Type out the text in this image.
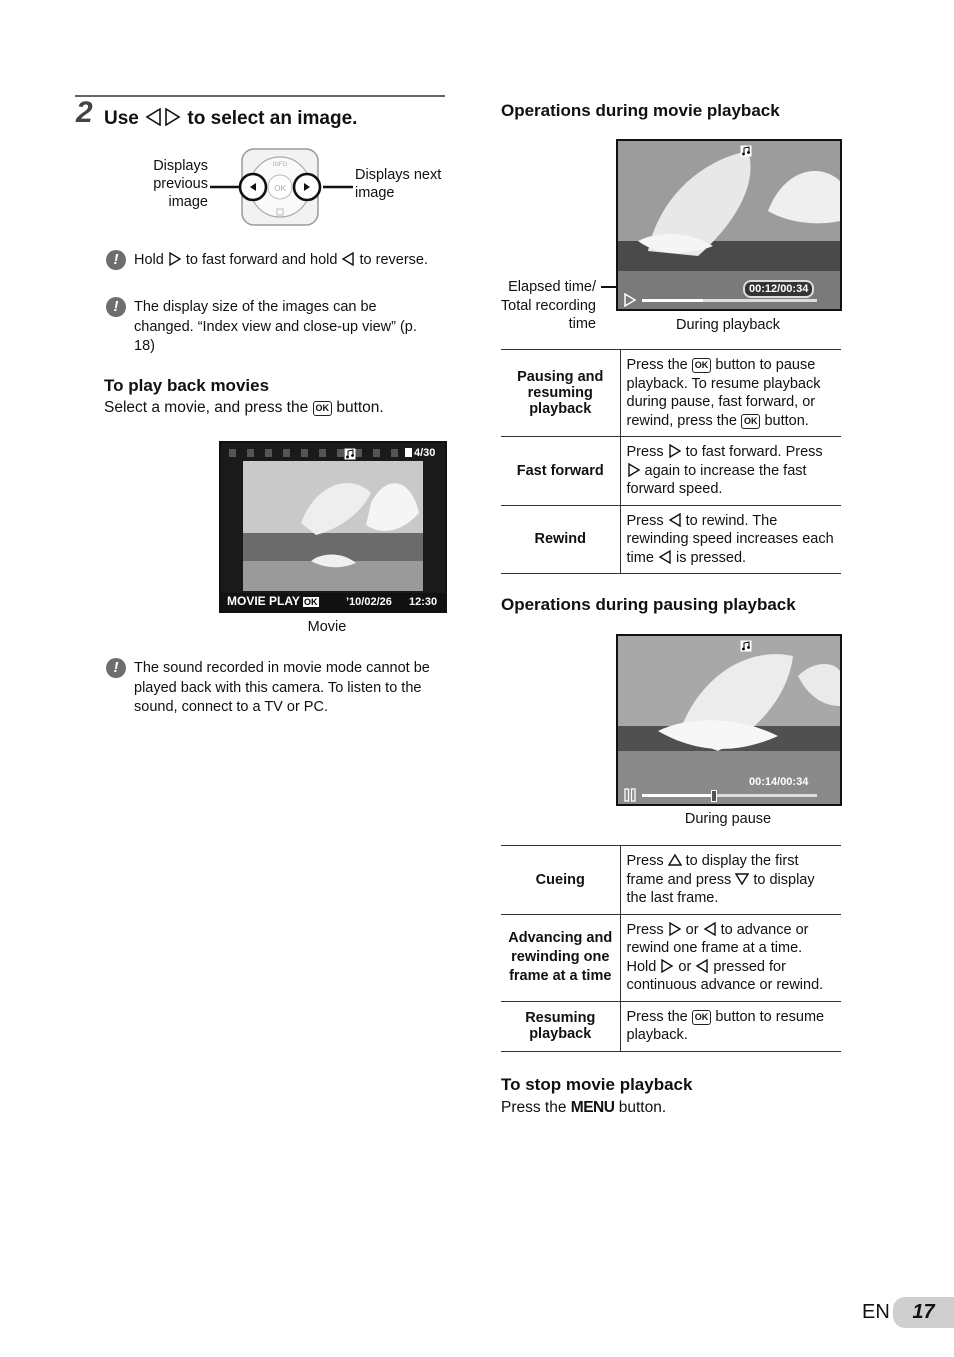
2 Use	to select an image.
Displays previous image
Displays next image
OK
INFO
!	Hold to fast forward and hold to reverse.
!	The display size of the images can be changed. “Index view and close-up view” (p. 18)
To play back movies
Select a movie, and press the OK button.
4/30
MOVIE PLAY OK	’10/02/26 12:30
Movie
!	The sound recorded in movie mode cannot be played back with this camera. To listen to the sound, connect to a TV or PC.
Operations during movie playback
Elapsed time/ Total recording time
00:12/00:34
During playback
Pausing and resuming playback	Press the OK button to pause playback. To resume playback during pause, fast forward, or rewind, press the OK button.
Fast forward	Press to fast forward. Press  again to increase the fast forward speed.
Rewind	Press to rewind. The rewinding speed increases each time is pressed.
Operations during pausing playback
00:14/00:34
During pause
Cueing	Press to display the first frame and press to display the last frame.
Advancing and rewinding one frame at a time	Press or to advance or rewind one frame at a time. Hold or pressed for continuous advance or rewind.
Resuming playback	Press the OK button to resume playback.
To stop movie playback
Press the MENU button.
EN	17
